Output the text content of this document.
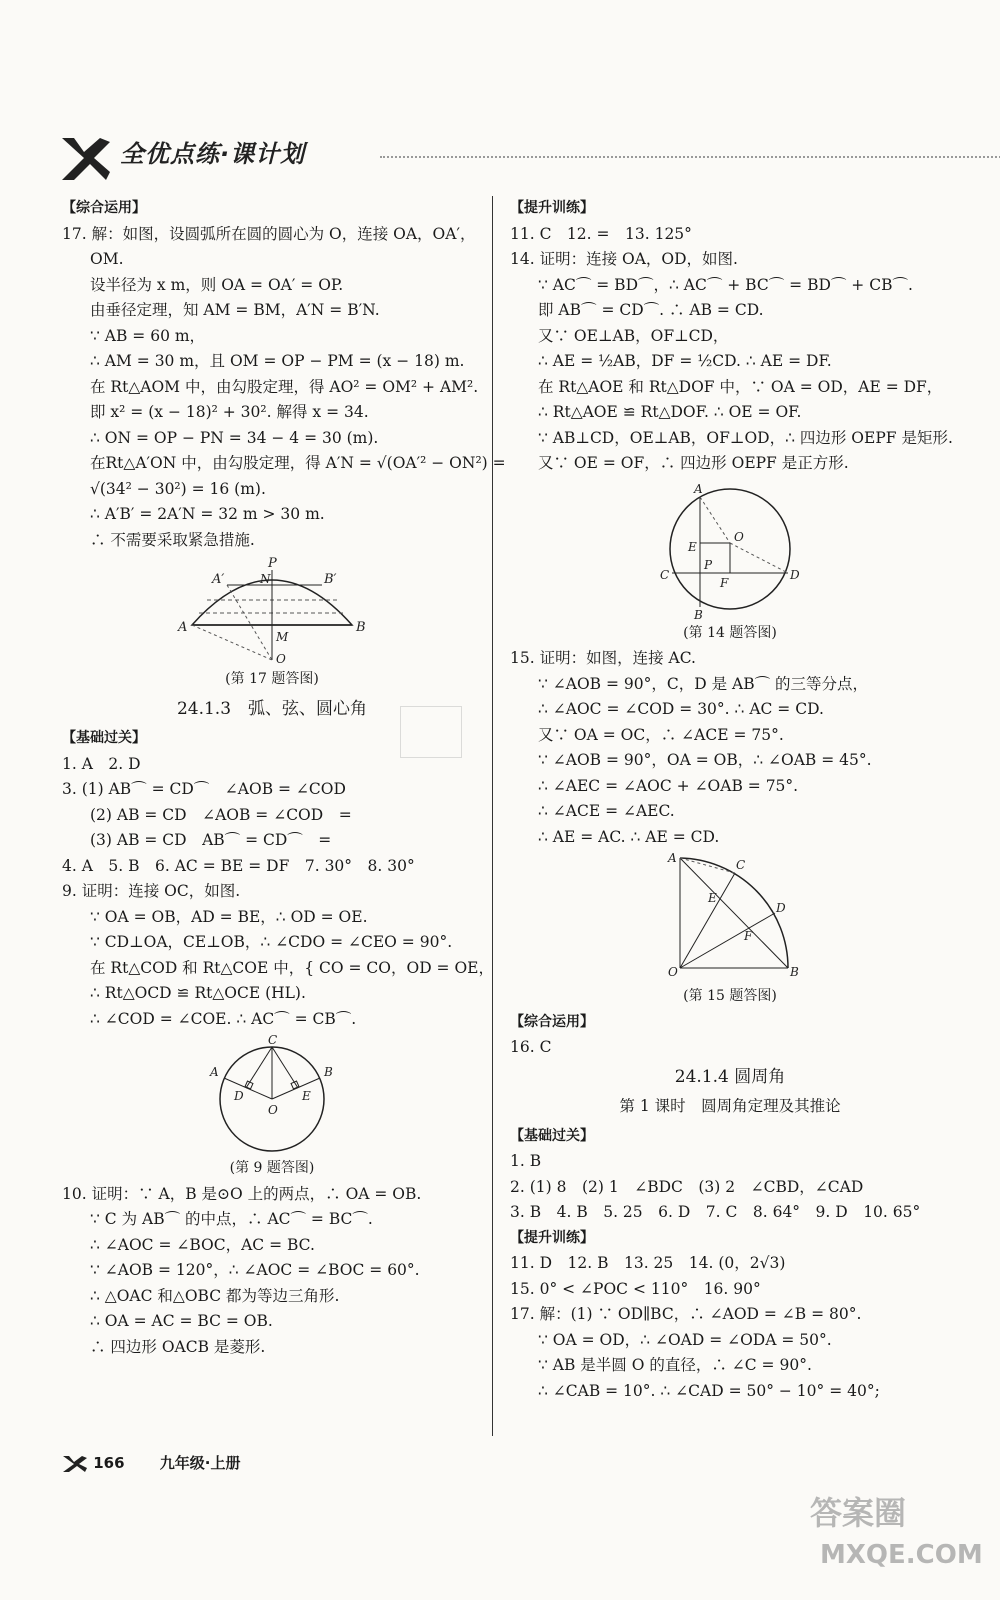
全优点练·课计划
【综合运用】
17. 解：如图，设圆弧所在圆的圆心为 O，连接 OA，OA′，
OM.
设半径为 x m，则 OA = OA′ = OP.
由垂径定理，知 AM = BM，A′N = B′N.
∵ AB = 60 m，
∴ AM = 30 m，且 OM = OP − PM = (x − 18) m.
在 Rt△AOM 中，由勾股定理，得 AO² = OM² + AM².
即 x² = (x − 18)² + 30². 解得 x = 34.
∴ ON = OP − PN = 34 − 4 = 30 (m).
在Rt△A′ON 中，由勾股定理，得 A′N = √(OA′² − ON²) =
√(34² − 30²) = 16 (m).
∴ A′B′ = 2A′N = 32 m > 30 m.
∴ 不需要采取紧急措施.
A	B
A′	B′
P
N
M
O
(第 17 题答图)
24.1.3　弧、弦、圆心角
【基础过关】
1. A　2. D
3. (1) AB⌒ = CD⌒　∠AOB = ∠COD
(2) AB = CD　∠AOB = ∠COD　=
(3) AB = CD　AB⌒ = CD⌒　=
4. A　5. B　6. AC = BE = DF　7. 30°　8. 30°
9. 证明：连接 OC，如图.
∵ OA = OB，AD = BE，∴ OD = OE.
∵ CD⊥OA，CE⊥OB，∴ ∠CDO = ∠CEO = 90°.
在 Rt△COD 和 Rt△COE 中，{ CO = CO，OD = OE，
∴ Rt△OCD ≌ Rt△OCE (HL).
∴ ∠COD = ∠COE. ∴ AC⌒ = CB⌒.
C
A	B
D	E
O
(第 9 题答图)
10. 证明：∵ A，B 是⊙O 上的两点，∴ OA = OB.
∵ C 为 AB⌒ 的中点，∴ AC⌒ = BC⌒.
∴ ∠AOC = ∠BOC，AC = BC.
∵ ∠AOB = 120°，∴ ∠AOC = ∠BOC = 60°.
∴ △OAC 和△OBC 都为等边三角形.
∴ OA = AC = BC = OB.
∴ 四边形 OACB 是菱形.
【提升训练】
11. C　12. =　13. 125°
14. 证明：连接 OA，OD，如图.
∵ AC⌒ = BD⌒，∴ AC⌒ + BC⌒ = BD⌒ + CB⌒.
即 AB⌒ = CD⌒. ∴ AB = CD.
又∵ OE⊥AB，OF⊥CD，
∴ AE = ½AB，DF = ½CD. ∴ AE = DF.
在 Rt△AOE 和 Rt△DOF 中，∵ OA = OD，AE = DF，
∴ Rt△AOE ≌ Rt△DOF. ∴ OE = OF.
∵ AB⊥CD，OE⊥AB，OF⊥OD，∴ 四边形 OEPF 是矩形.
又∵ OE = OF，∴ 四边形 OEPF 是正方形.
A
O
E
C	D
P
F
B
(第 14 题答图)
15. 证明：如图，连接 AC.
∵ ∠AOB = 90°，C，D 是 AB⌒ 的三等分点，
∴ ∠AOC = ∠COD = 30°. ∴ AC = CD.
又∵ OA = OC，∴ ∠ACE = 75°.
∵ ∠AOB = 90°，OA = OB，∴ ∠OAB = 45°.
∴ ∠AEC = ∠AOC + ∠OAB = 75°.
∴ ∠ACE = ∠AEC.
∴ AE = AC. ∴ AE = CD.
A	C
D
E
F
O	B
(第 15 题答图)
【综合运用】
16. C
24.1.4 圆周角
第 1 课时　圆周角定理及其推论
【基础过关】
1. B
2. (1) 8　(2) 1　∠BDC　(3) 2　∠CBD，∠CAD
3. B　4. B　5. 25　6. D　7. C　8. 64°　9. D　10. 65°
【提升训练】
11. D　12. B　13. 25　14. (0，2√3)
15. 0° < ∠POC < 110°　16. 90°
17. 解：(1) ∵ OD∥BC，∴ ∠AOD = ∠B = 80°.
∵ OA = OD，∴ ∠OAD = ∠ODA = 50°.
∵ AB 是半圆 O 的直径，∴ ∠C = 90°.
∴ ∠CAB = 10°. ∴ ∠CAD = 50° − 10° = 40°;
166 九年级·上册
答案圈
MXQE.COM
